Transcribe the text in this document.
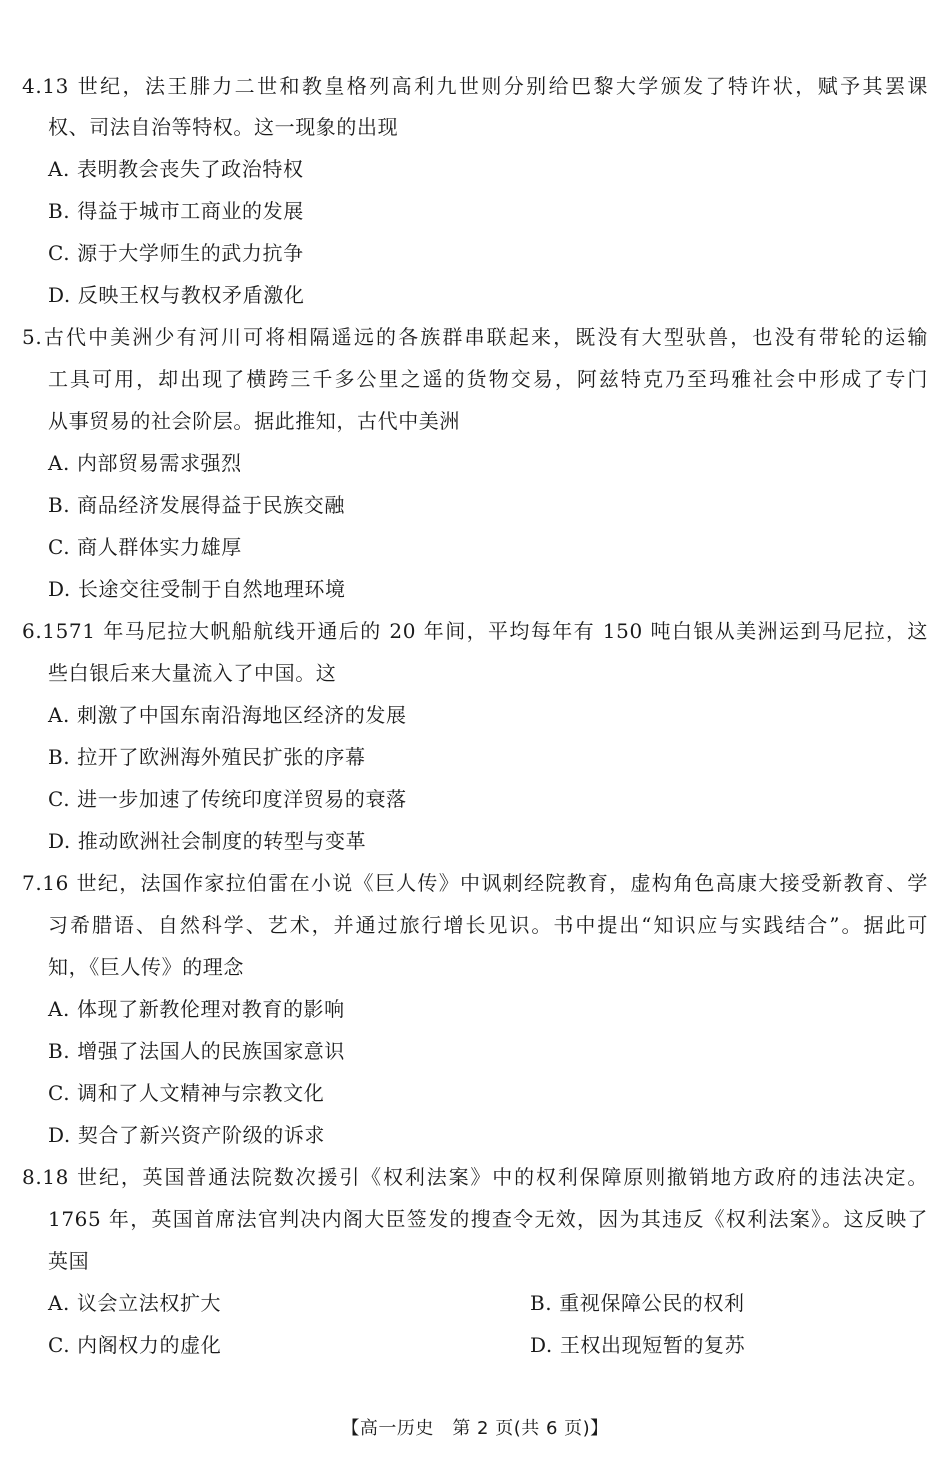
4.13 世纪，法王腓力二世和教皇格列高利九世则分别给巴黎大学颁发了特许状，赋予其罢课
权、司法自治等特权。这一现象的出现
A. 表明教会丧失了政治特权
B. 得益于城市工商业的发展
C. 源于大学师生的武力抗争
D. 反映王权与教权矛盾激化
5.古代中美洲少有河川可将相隔遥远的各族群串联起来，既没有大型驮兽，也没有带轮的运输
工具可用，却出现了横跨三千多公里之遥的货物交易，阿兹特克乃至玛雅社会中形成了专门
从事贸易的社会阶层。据此推知，古代中美洲
A. 内部贸易需求强烈
B. 商品经济发展得益于民族交融
C. 商人群体实力雄厚
D. 长途交往受制于自然地理环境
6.1571 年马尼拉大帆船航线开通后的 20 年间，平均每年有 150 吨白银从美洲运到马尼拉，这
些白银后来大量流入了中国。这
A. 刺激了中国东南沿海地区经济的发展
B. 拉开了欧洲海外殖民扩张的序幕
C. 进一步加速了传统印度洋贸易的衰落
D. 推动欧洲社会制度的转型与变革
7.16 世纪，法国作家拉伯雷在小说《巨人传》中讽刺经院教育，虚构角色高康大接受新教育、学
习希腊语、自然科学、艺术，并通过旅行增长见识。书中提出“知识应与实践结合”。据此可
知，《巨人传》的理念
A. 体现了新教伦理对教育的影响
B. 增强了法国人的民族国家意识
C. 调和了人文精神与宗教文化
D. 契合了新兴资产阶级的诉求
8.18 世纪，英国普通法院数次援引《权利法案》中的权利保障原则撤销地方政府的违法决定。
1765 年，英国首席法官判决内阁大臣签发的搜查令无效，因为其违反《权利法案》。这反映了
英国
A. 议会立法权扩大	B. 重视保障公民的权利
C. 内阁权力的虚化	D. 王权出现短暂的复苏
【高一历史　第 2 页(共 6 页)】
